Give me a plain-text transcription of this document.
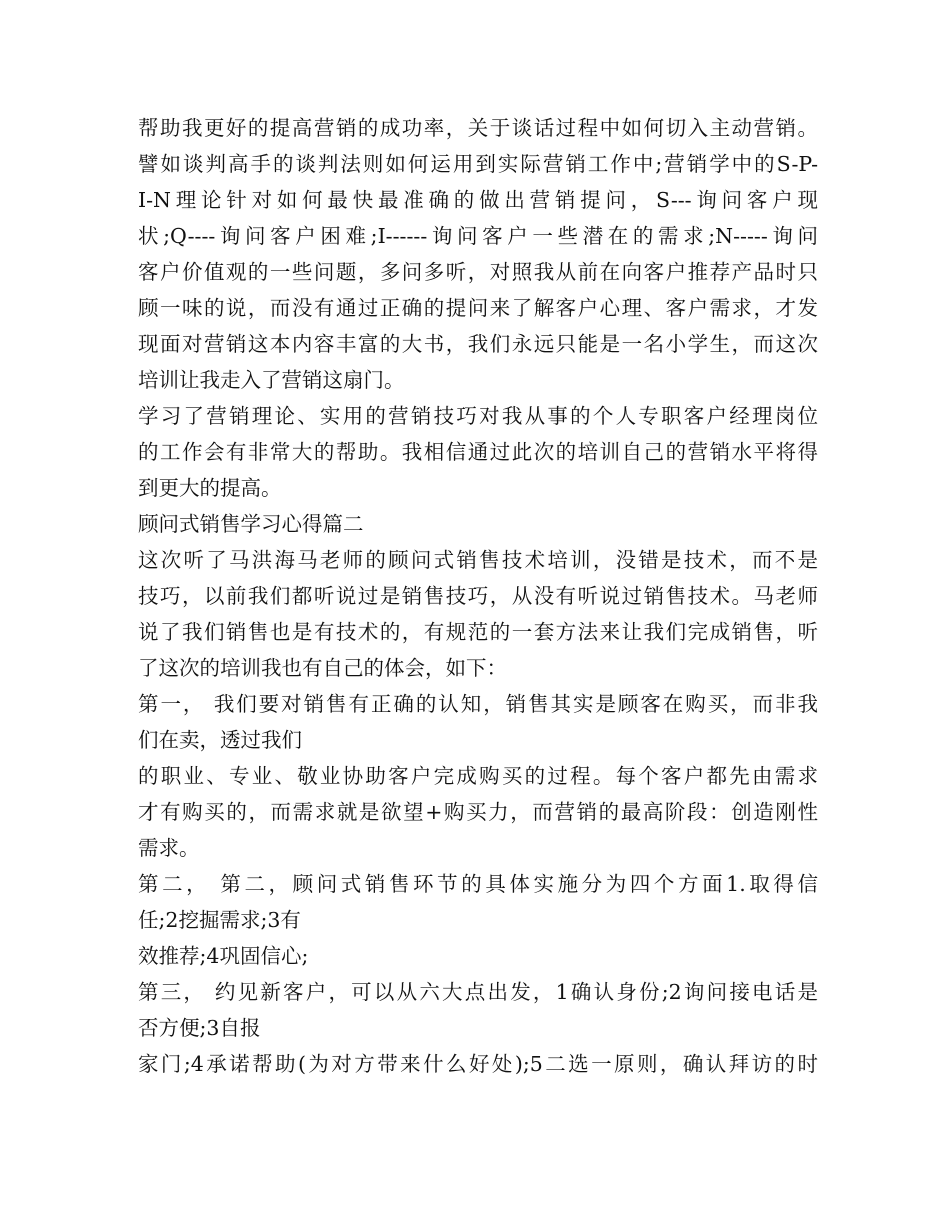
帮助我更好的提高营销的成功率，关于谈话过程中如何切入主动营销。
譬如谈判高手的谈判法则如何运用到实际营销工作中;营销学中的S-P-
I-N理论针对如何最快最准确的做出营销提问，S---询问客户现
状;Q----询问客户困难;I------询问客户一些潜在的需求;N-----询问
客户价值观的一些问题，多问多听，对照我从前在向客户推荐产品时只
顾一味的说，而没有通过正确的提问来了解客户心理、客户需求，才发
现面对营销这本内容丰富的大书，我们永远只能是一名小学生，而这次
培训让我走入了营销这扇门。
学习了营销理论、实用的营销技巧对我从事的个人专职客户经理岗位
的工作会有非常大的帮助。我相信通过此次的培训自己的营销水平将得
到更大的提高。
顾问式销售学习心得篇二
这次听了马洪海马老师的顾问式销售技术培训，没错是技术，而不是
技巧，以前我们都听说过是销售技巧，从没有听说过销售技术。马老师
说了我们销售也是有技术的，有规范的一套方法来让我们完成销售，听
了这次的培训我也有自己的体会，如下：
第一， 我们要对销售有正确的认知，销售其实是顾客在购买，而非我
们在卖，透过我们
的职业、专业、敬业协助客户完成购买的过程。每个客户都先由需求
才有购买的，而需求就是欲望+购买力，而营销的最高阶段：创造刚性
需求。
第二， 第二，顾问式销售环节的具体实施分为四个方面1.取得信
任;2挖掘需求;3有
效推荐;4巩固信心;
第三， 约见新客户，可以从六大点出发，1确认身份;2询问接电话是
否方便;3自报
家门;4承诺帮助(为对方带来什么好处);5二选一原则，确认拜访的时
